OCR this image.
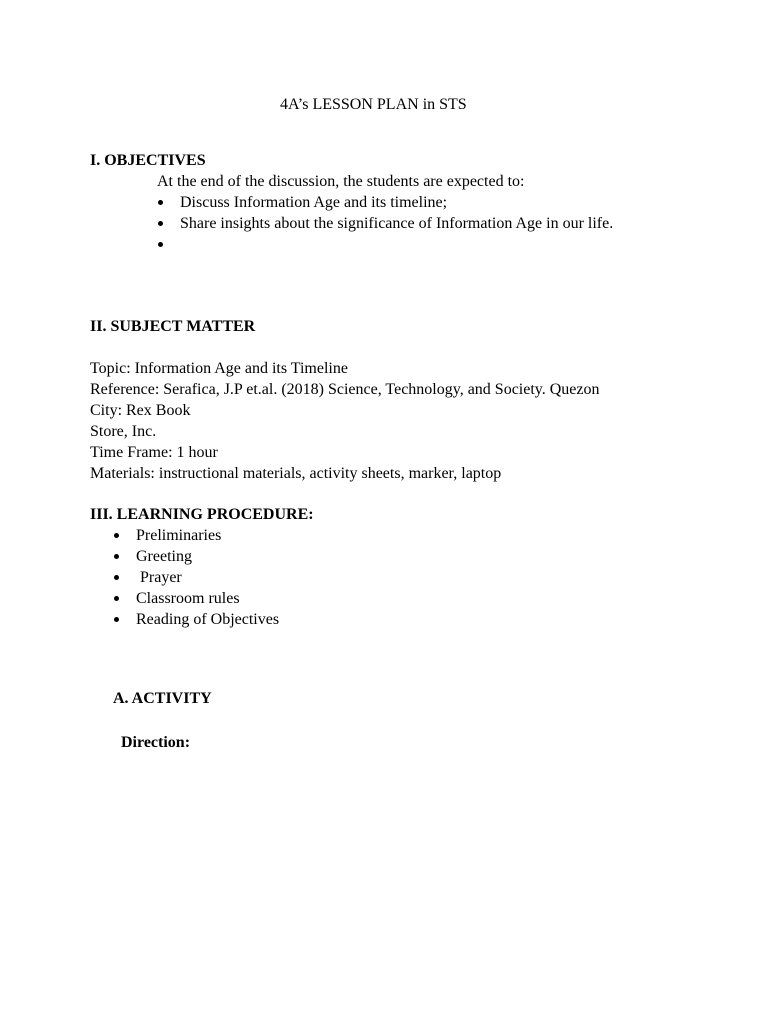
4A’s LESSON PLAN in STS
I. OBJECTIVES
At the end of the discussion, the students are expected to:
Discuss Information Age and its timeline;
Share insights about the significance of Information Age in our life.
II. SUBJECT MATTER
Topic: Information Age and its Timeline
Reference: Serafica, J.P et.al. (2018) Science, Technology, and Society. Quezon
City: Rex Book
Store, Inc.
Time Frame: 1 hour
Materials: instructional materials, activity sheets, marker, laptop
III. LEARNING PROCEDURE:
Preliminaries
Greeting
Prayer
Classroom rules
Reading of Objectives
A. ACTIVITY
Direction:
